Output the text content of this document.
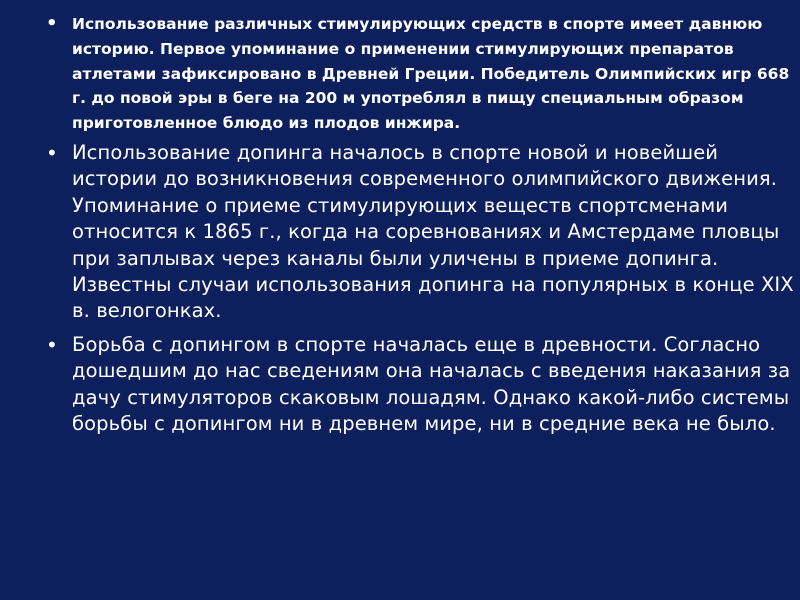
• Использование различных стимулирующих средств в спорте имеет давнюю историю. Первое упоминание о применении стимулирующих препаратов атлетами зафиксировано в Древней Греции. Победитель Олимпийских игр 668 г. до повой эры в беге на 200 м употреблял в пищу специальным образом приготовленное блюдо из плодов инжира.
• Использование допинга началось в спорте новой и новейшей истории до возникновения современного олимпийского движения. Упоминание о приеме стимулирующих веществ спортсменами относится к 1865 г., когда на соревнованиях и Амстердаме пловцы при заплывах через каналы были уличены в приеме допинга. Известны случаи использования допинга на популярных в конце XIX в. велогонках.
• Борьба с допингом в спорте началась еще в древности. Согласно дошедшим до нас сведениям она началась с введения наказания за дачу стимуляторов скаковым лошадям. Однако какой-либо системы борьбы с допингом ни в древнем мире, ни в средние века не было.
